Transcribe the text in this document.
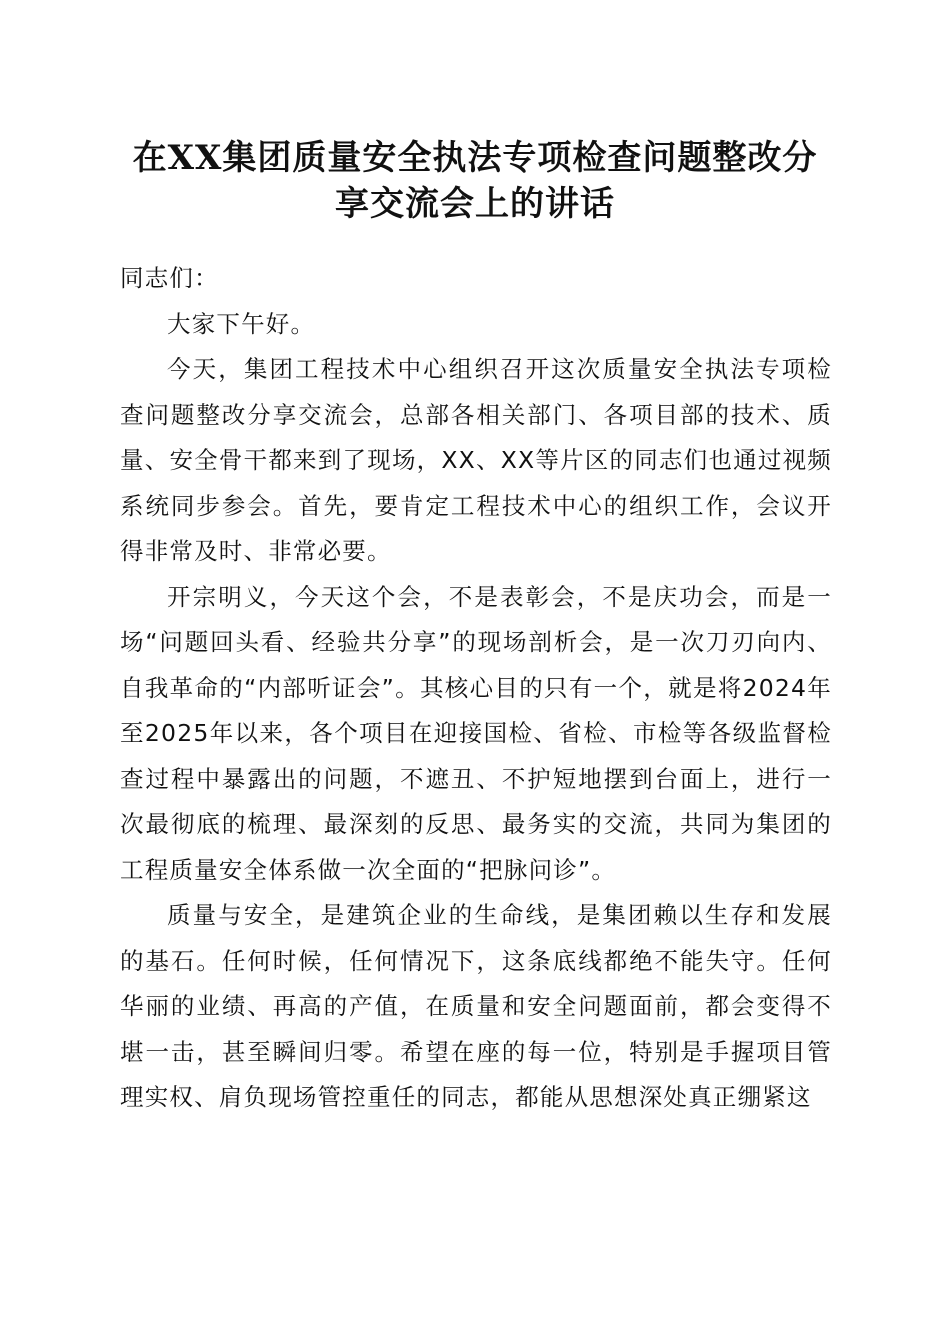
在XX集团质量安全执法专项检查问题整改分
享交流会上的讲话

同志们：

大家下午好。

今天，集团工程技术中心组织召开这次质量安全执法专项检查问题整改分享交流会，总部各相关部门、各项目部的技术、质量、安全骨干都来到了现场，XX、XX等片区的同志们也通过视频系统同步参会。首先，要肯定工程技术中心的组织工作，会议开得非常及时、非常必要。

开宗明义，今天这个会，不是表彰会，不是庆功会，而是一场“问题回头看、经验共分享”的现场剖析会，是一次刀刃向内、自我革命的“内部听证会”。其核心目的只有一个，就是将2024年至2025年以来，各个项目在迎接国检、省检、市检等各级监督检查过程中暴露出的问题，不遮丑、不护短地摆到台面上，进行一次最彻底的梳理、最深刻的反思、最务实的交流，共同为集团的工程质量安全体系做一次全面的“把脉问诊”。

质量与安全，是建筑企业的生命线，是集团赖以生存和发展的基石。任何时候，任何情况下，这条底线都绝不能失守。任何华丽的业绩、再高的产值，在质量和安全问题面前，都会变得不堪一击，甚至瞬间归零。希望在座的每一位，特别是手握项目管理实权、肩负现场管控重任的同志，都能从思想深处真正绷紧这
